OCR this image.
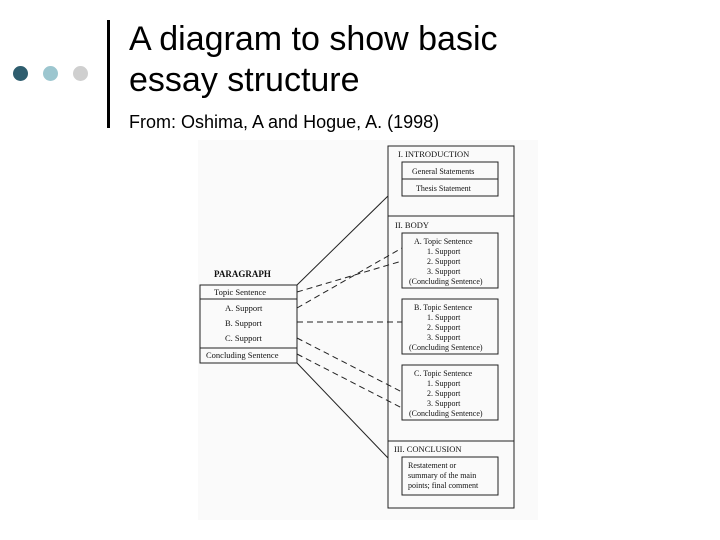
A diagram to show basic
essay structure
From: Oshima, A and Hogue, A. (1998)
PARAGRAPH
Topic Sentence
A. Support
B. Support
C. Support
Concluding Sentence
I. INTRODUCTION
General Statements
Thesis Statement
II. BODY
A. Topic Sentence
1. Support
2. Support
3. Support
(Concluding Sentence)
B. Topic Sentence
1. Support
2. Support
3. Support
(Concluding Sentence)
C. Topic Sentence
1. Support
2. Support
3. Support
(Concluding Sentence)
III. CONCLUSION
Restatement or
summary of the main
points; final comment
